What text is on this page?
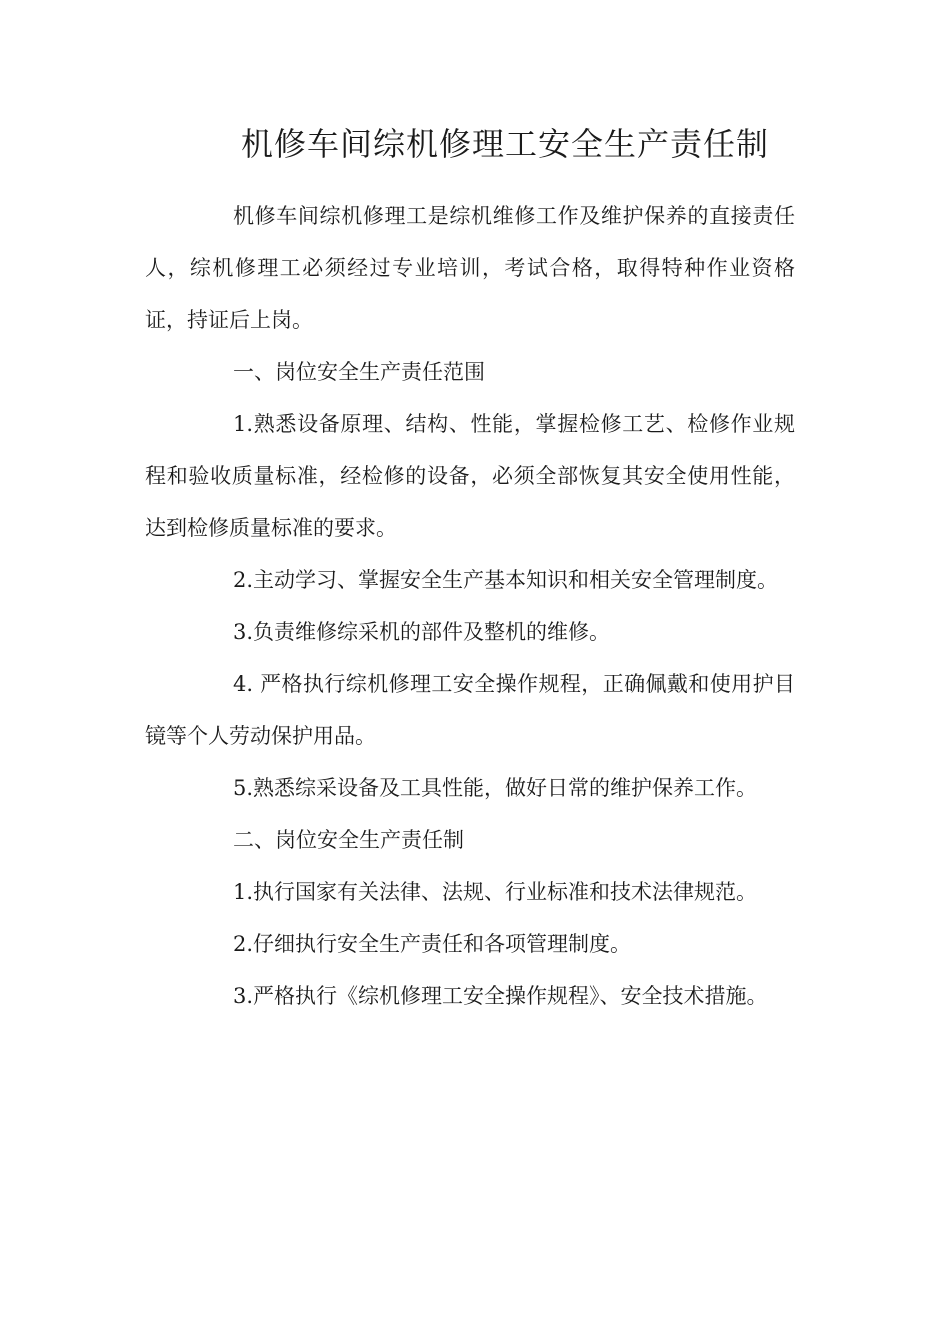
机修车间综机修理工安全生产责任制

机修车间综机修理工是综机维修工作及维护保养的直接责任人，综机修理工必须经过专业培训，考试合格，取得特种作业资格证，持证后上岗。

一、岗位安全生产责任范围

1.熟悉设备原理、结构、性能，掌握检修工艺、检修作业规程和验收质量标准，经检修的设备，必须全部恢复其安全使用性能，达到检修质量标准的要求。

2.主动学习、掌握安全生产基本知识和相关安全管理制度。

3.负责维修综采机的部件及整机的维修。

4. 严格执行综机修理工安全操作规程，正确佩戴和使用护目镜等个人劳动保护用品。

5.熟悉综采设备及工具性能，做好日常的维护保养工作。

二、岗位安全生产责任制

1.执行国家有关法律、法规、行业标准和技术法律规范。

2.仔细执行安全生产责任和各项管理制度。

3.严格执行《综机修理工安全操作规程》、安全技术措施。
